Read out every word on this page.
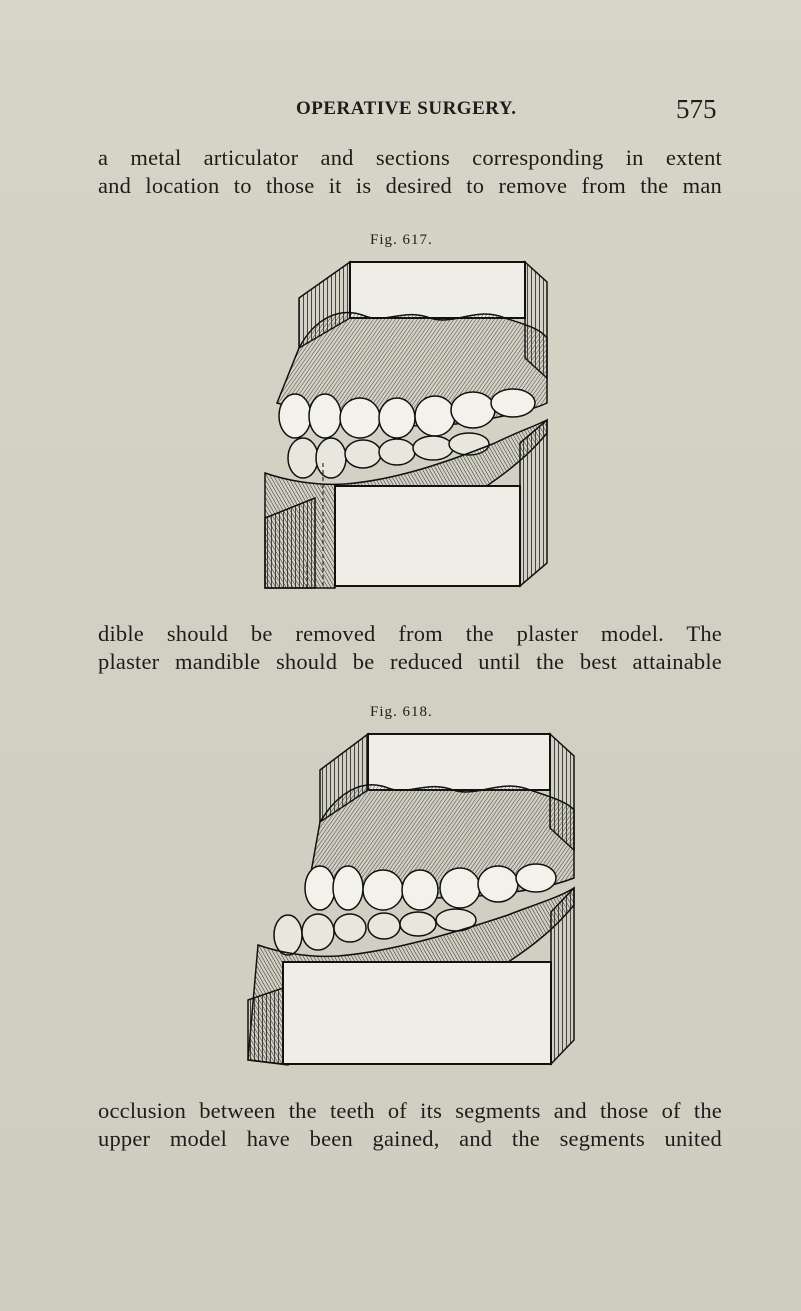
OPERATIVE SURGERY.	575
a metal articulator and sections corresponding in extent
and location to those it is desired to remove from the man
Fig. 617.
dible should be removed from the plaster model. The
plaster mandible should be reduced until the best attainable
Fig. 618.
occlusion between the teeth of its segments and those of the
upper model have been gained, and the segments united
